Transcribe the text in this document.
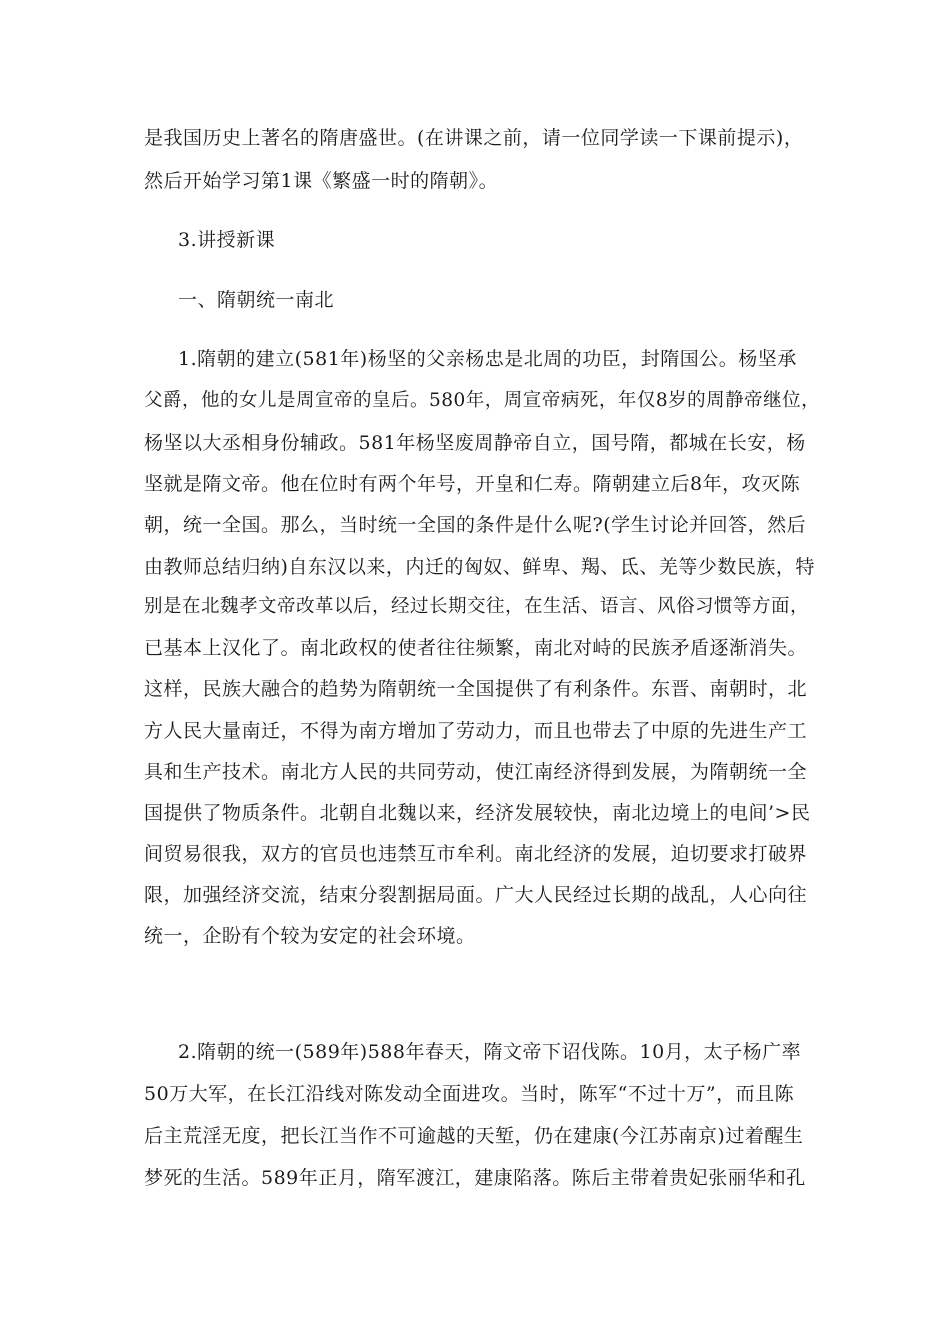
是我国历史上著名的隋唐盛世。(在讲课之前，请一位同学读一下课前提示)，
然后开始学习第1课《繁盛一时的隋朝》。
3.讲授新课
一、隋朝统一南北
1.隋朝的建立(581年)杨坚的父亲杨忠是北周的功臣，封隋国公。杨坚承
父爵，他的女儿是周宣帝的皇后。580年，周宣帝病死，年仅8岁的周静帝继位，
杨坚以大丞相身份辅政。581年杨坚废周静帝自立，国号隋，都城在长安，杨
坚就是隋文帝。他在位时有两个年号，开皇和仁寿。隋朝建立后8年，攻灭陈
朝，统一全国。那么，当时统一全国的条件是什么呢?(学生讨论并回答，然后
由教师总结归纳)自东汉以来，内迁的匈奴、鲜卑、羯、氐、羌等少数民族，特
别是在北魏孝文帝改革以后，经过长期交往，在生活、语言、风俗习惯等方面，
已基本上汉化了。南北政权的使者往往频繁，南北对峙的民族矛盾逐渐消失。
这样，民族大融合的趋势为隋朝统一全国提供了有利条件。东晋、南朝时，北
方人民大量南迁，不得为南方增加了劳动力，而且也带去了中原的先进生产工
具和生产技术。南北方人民的共同劳动，使江南经济得到发展，为隋朝统一全
国提供了物质条件。北朝自北魏以来，经济发展较快，南北边境上的电间’>民
间贸易很我，双方的官员也违禁互市牟利。南北经济的发展，迫切要求打破界
限，加强经济交流，结束分裂割据局面。广大人民经过长期的战乱，人心向往
统一，企盼有个较为安定的社会环境。
2.隋朝的统一(589年)588年春天，隋文帝下诏伐陈。10月，太子杨广率
50万大军，在长江沿线对陈发动全面进攻。当时，陈军“不过十万”，而且陈
后主荒淫无度，把长江当作不可逾越的天堑，仍在建康(今江苏南京)过着醒生
梦死的生活。589年正月，隋军渡江，建康陷落。陈后主带着贵妃张丽华和孔
